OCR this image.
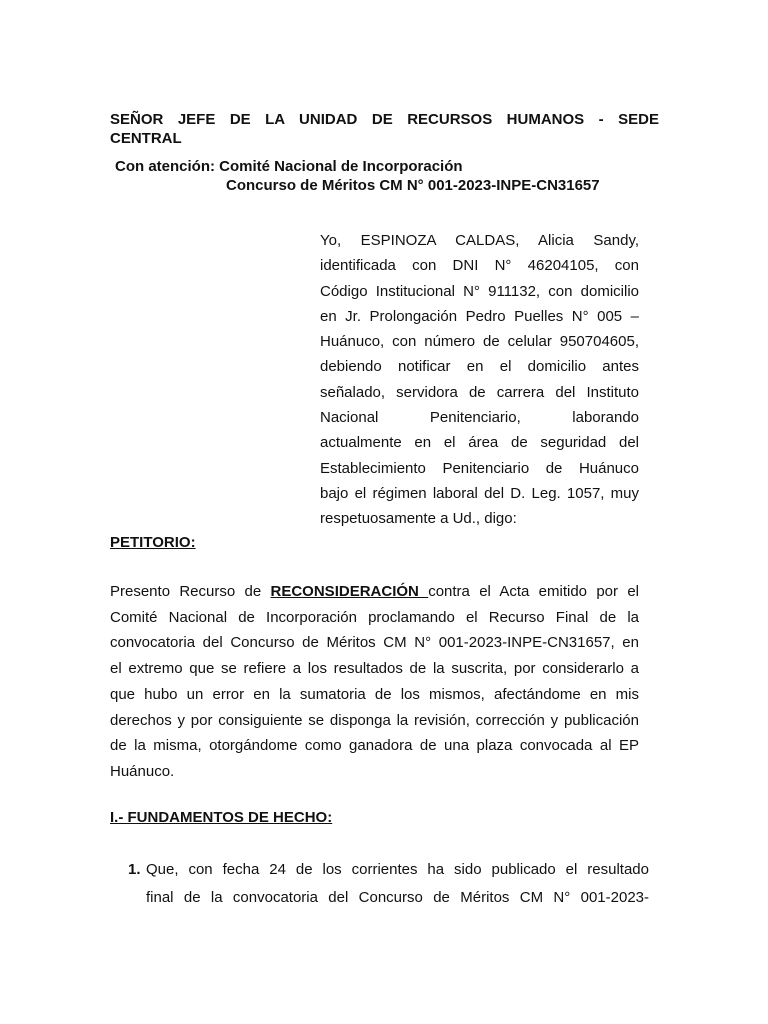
SEÑOR JEFE DE LA UNIDAD DE RECURSOS HUMANOS - SEDE
CENTRAL
Con atención: Comité Nacional de Incorporación
Concurso de Méritos CM N° 001-2023-INPE-CN31657
Yo, ESPINOZA CALDAS, Alicia Sandy,
identificada con DNI N° 46204105, con
Código Institucional N° 911132, con domicilio
en Jr. Prolongación Pedro Puelles N° 005 –
Huánuco, con número de celular 950704605,
debiendo notificar en el domicilio antes
señalado, servidora de carrera del Instituto
Nacional Penitenciario, laborando
actualmente en el área de seguridad del
Establecimiento Penitenciario de Huánuco
bajo el régimen laboral del D. Leg. 1057, muy
respetuosamente a Ud., digo:
PETITORIO:
Presento Recurso de RECONSIDERACIÓN contra el Acta emitido por el
Comité Nacional de Incorporación proclamando el Recurso Final de la
convocatoria del Concurso de Méritos CM N° 001-2023-INPE-CN31657, en
el extremo que se refiere a los resultados de la suscrita, por considerarlo a
que hubo un error en la sumatoria de los mismos, afectándome en mis
derechos y por consiguiente se disponga la revisión, corrección y publicación
de la misma, otorgándome como ganadora de una plaza convocada al EP
Huánuco.
I.- FUNDAMENTOS DE HECHO:
1. Que, con fecha 24 de los corrientes ha sido publicado el resultado
final de la convocatoria del Concurso de Méritos CM N° 001-2023-
